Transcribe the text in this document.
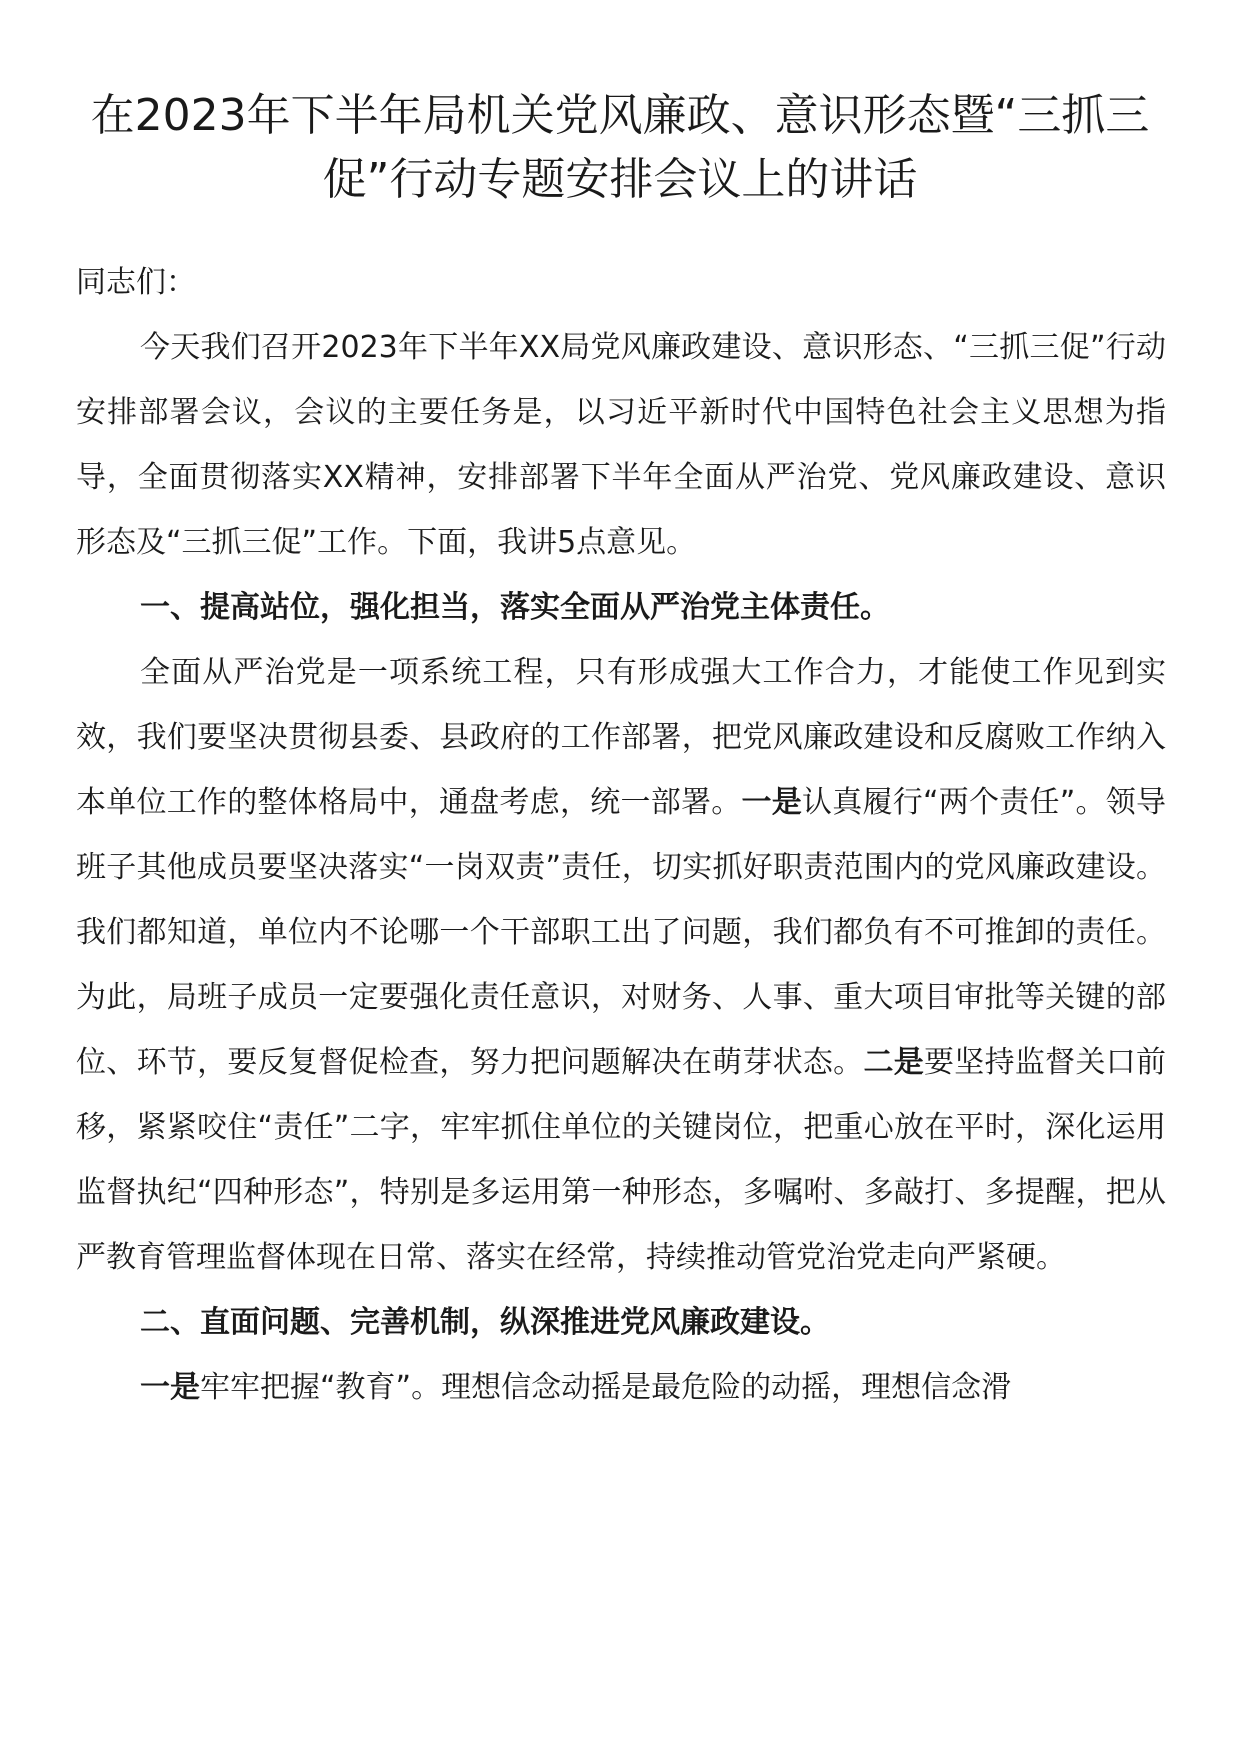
在2023年下半年局机关党风廉政、意识形态暨“三抓三促”行动专题安排会议上的讲话

同志们：

今天我们召开2023年下半年XX局党风廉政建设、意识形态、“三抓三促”行动安排部署会议，会议的主要任务是，以习近平新时代中国特色社会主义思想为指导，全面贯彻落实XX精神，安排部署下半年全面从严治党、党风廉政建设、意识形态及“三抓三促”工作。下面，我讲5点意见。

一、提高站位，强化担当，落实全面从严治党主体责任。

全面从严治党是一项系统工程，只有形成强大工作合力，才能使工作见到实效，我们要坚决贯彻县委、县政府的工作部署，把党风廉政建设和反腐败工作纳入本单位工作的整体格局中，通盘考虑，统一部署。一是认真履行“两个责任”。领导班子其他成员要坚决落实“一岗双责”责任，切实抓好职责范围内的党风廉政建设。我们都知道，单位内不论哪一个干部职工出了问题，我们都负有不可推卸的责任。为此，局班子成员一定要强化责任意识，对财务、人事、重大项目审批等关键的部位、环节，要反复督促检查，努力把问题解决在萌芽状态。二是要坚持监督关口前移，紧紧咬住“责任”二字，牢牢抓住单位的关键岗位，把重心放在平时，深化运用监督执纪“四种形态”，特别是多运用第一种形态，多嘱咐、多敲打、多提醒，把从严教育管理监督体现在日常、落实在经常，持续推动管党治党走向严紧硬。

二、直面问题、完善机制，纵深推进党风廉政建设。

一是牢牢把握“教育”。理想信念动摇是最危险的动摇，理想信念滑
